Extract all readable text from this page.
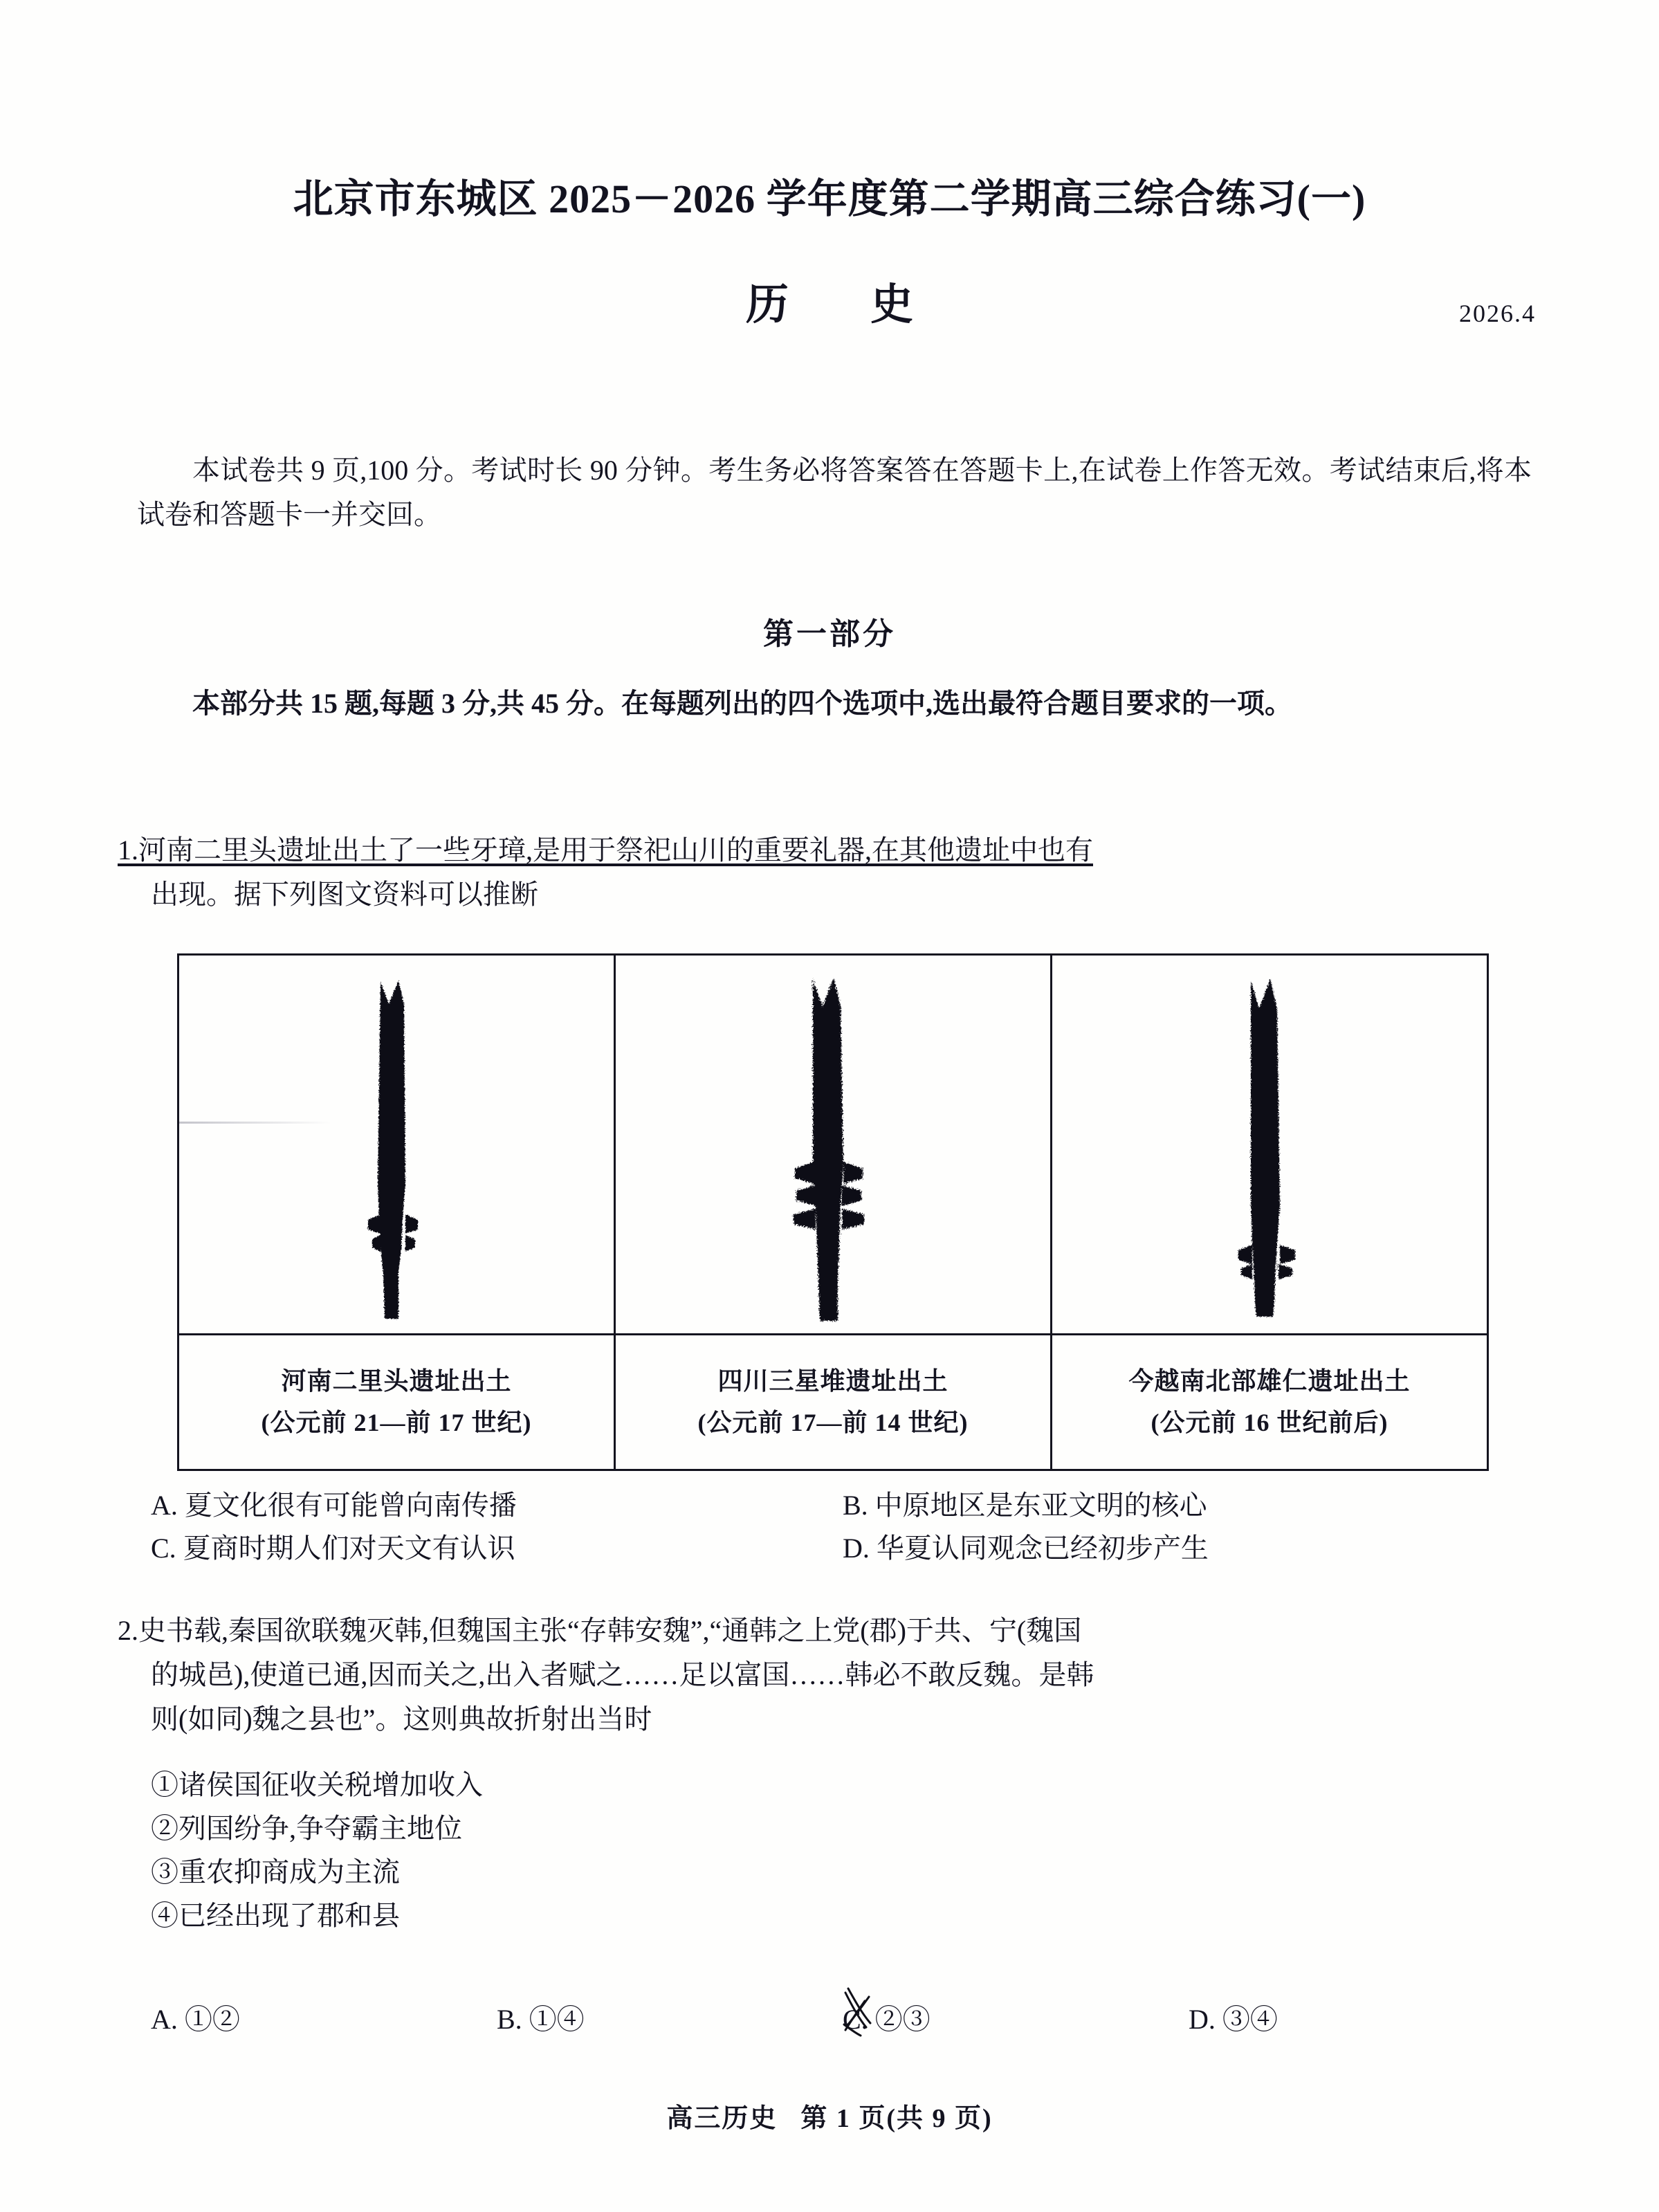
北京市东城区 2025－2026 学年度第二学期高三综合练习(一)
历　史	2026.4
本试卷共 9 页,100 分。考试时长 90 分钟。考生务必将答案答在答题卡上,在试卷上作答无效。考试结束后,将本试卷和答题卡一并交回。
第一部分
本部分共 15 题,每题 3 分,共 45 分。在每题列出的四个选项中,选出最符合题目要求的一项。
1.河南二里头遗址出土了一些牙璋,是用于祭祀山川的重要礼器,在其他遗址中也有
出现。据下列图文资料可以推断
河南二里头遗址出土
(公元前 21—前 17 世纪)
四川三星堆遗址出土
(公元前 17—前 14 世纪)
今越南北部雄仁遗址出土
(公元前 16 世纪前后)
A. 夏文化很有可能曾向南传播	B. 中原地区是东亚文明的核心
C. 夏商时期人们对天文有认识	D. 华夏认同观念已经初步产生
2.史书载,秦国欲联魏灭韩,但魏国主张“存韩安魏”,“通韩之上党(郡)于共、宁(魏国
的城邑),使道已通,因而关之,出入者赋之……足以富国……韩必不敢反魏。是韩
则(如同)魏之县也”。这则典故折射出当时
①诸侯国征收关税增加收入
②列国纷争,争夺霸主地位
③重农抑商成为主流
④已经出现了郡和县
A. ①②	B. ①④	C. ②③	D. ③④
高三历史 第 1 页(共 9 页)
